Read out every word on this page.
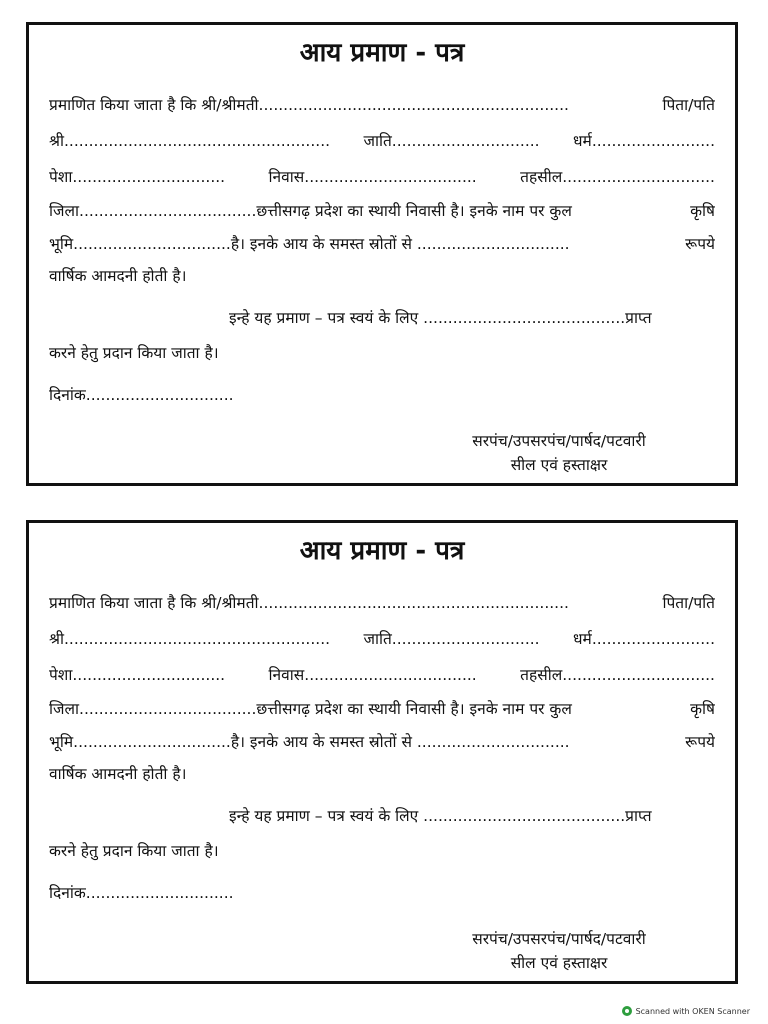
आय प्रमाण - पत्र
प्रमाणित किया जाता है कि श्री/श्रीमती...............................................................	पिता/पति
श्री...................................................... जाति.............................. धर्म.........................
पेशा...............................	निवास...................................	तहसील...............................
जिला....................................छत्तीसगढ़ प्रदेश का स्थायी निवासी है। इनके नाम पर कुल	कृषि
भूमि................................है। इनके आय के समस्त स्रोतों से ...............................	रूपये
वार्षिक आमदनी होती है।
इन्हे यह प्रमाण – पत्र स्वयं के लिए .........................................प्राप्त
करने हेतु प्रदान किया जाता है।
दिनांक..............................
सरपंच/उपसरपंच/पार्षद/पटवारी
सील एवं हस्ताक्षर
आय प्रमाण - पत्र
प्रमाणित किया जाता है कि श्री/श्रीमती...............................................................	पिता/पति
श्री...................................................... जाति.............................. धर्म.........................
पेशा...............................	निवास...................................	तहसील...............................
जिला....................................छत्तीसगढ़ प्रदेश का स्थायी निवासी है। इनके नाम पर कुल	कृषि
भूमि................................है। इनके आय के समस्त स्रोतों से ...............................	रूपये
वार्षिक आमदनी होती है।
इन्हे यह प्रमाण – पत्र स्वयं के लिए .........................................प्राप्त
करने हेतु प्रदान किया जाता है।
दिनांक..............................
सरपंच/उपसरपंच/पार्षद/पटवारी
सील एवं हस्ताक्षर
Scanned with OKEN Scanner
